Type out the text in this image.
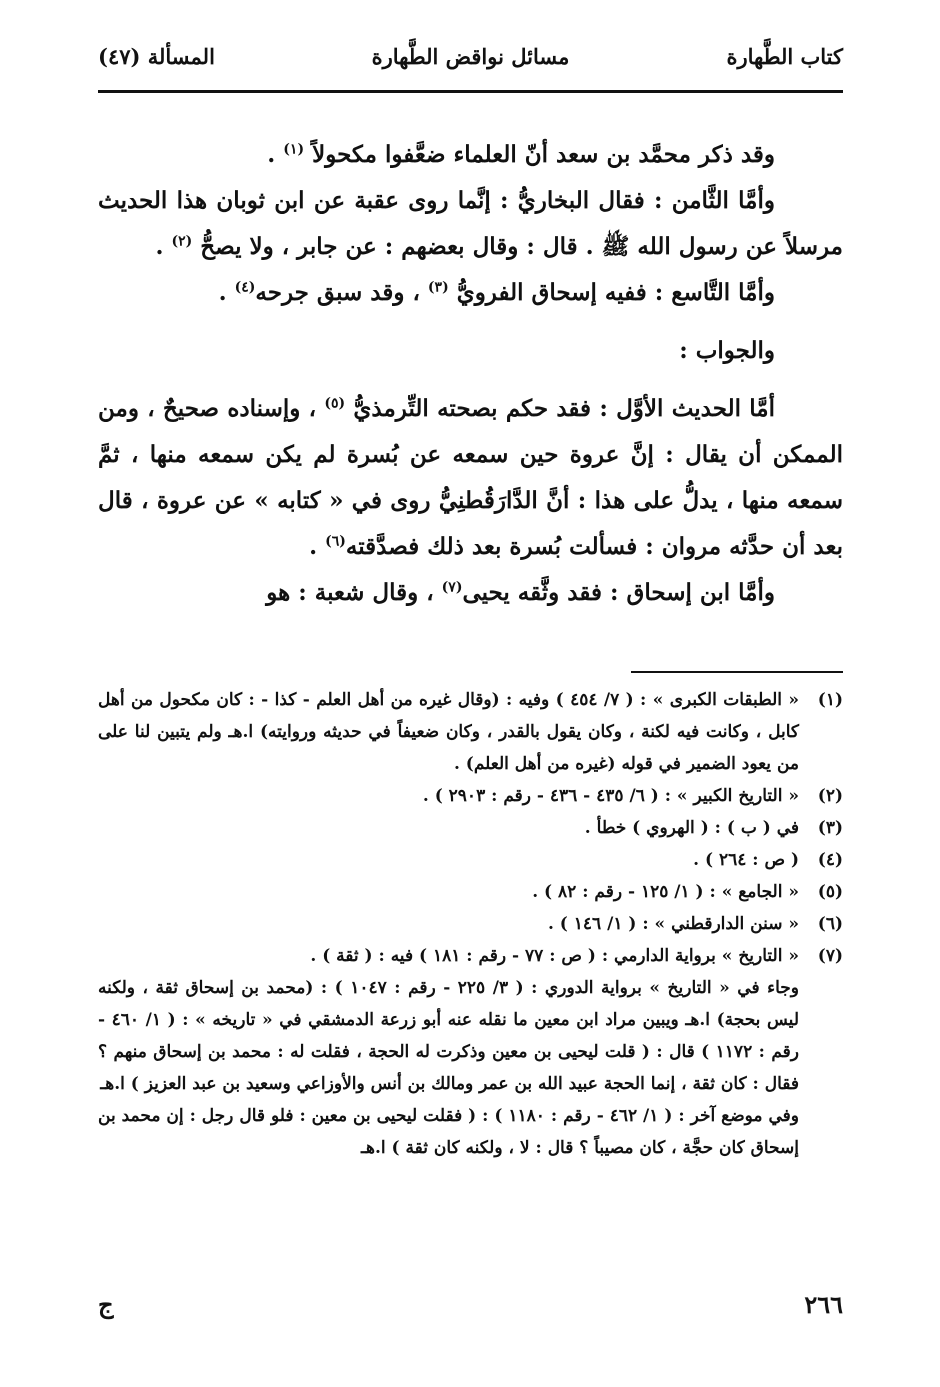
كتاب الطَّهارة
مسائل نواقض الطَّهارة
المسألة (٤٧)

وقد ذكر محمَّد بن سعد أنّ العلماء ضعَّفوا مكحولاً $^{(١)}$ .

وأمَّا الثَّامن : فقال البخاريُّ : إنَّما روى عقبة عن ابن ثوبان هذا الحديث مرسلاً عن رسول الله ﷺ . قال : وقال بعضهم : عن جابر ، ولا يصحُّ $^{(٢)}$ .

وأمَّا التَّاسع : ففيه إسحاق الفرويُّ $^{(٣)}$ ، وقد سبق جرحه$^{(٤)}$ .

والجواب :

أمَّا الحديث الأوَّل : فقد حكم بصحته التِّرمذيُّ $^{(٥)}$ ، وإسناده صحيحٌ ، ومن الممكن أن يقال : إنَّ عروة حين سمعه عن بُسرة لم يكن سمعه منها ، ثمَّ سمعه منها ، يدلُّ على هذا : أنَّ الدَّارَقُطنِيُّ روى في « كتابه » عن عروة ، قال بعد أن حدَّثه مروان : فسألت بُسرة بعد ذلك فصدَّقته$^{(٦)}$ .

وأمَّا ابن إسحاق : فقد وثَّقه يحيى$^{(٧)}$ ، وقال شعبة : هو

(١)
« الطبقات الكبرى » : ( ٧/ ٤٥٤ ) وفيه : (وقال غيره من أهل العلم - كذا - : كان مكحول من أهل كابل ، وكانت فيه لكنة ، وكان يقول بالقدر ، وكان ضعيفاً في حديثه وروايته) ا.هـ ولم يتبين لنا على من يعود الضمير في قوله (غيره من أهل العلم) .
(٢)
« التاريخ الكبير » : ( ٦/ ٤٣٥ - ٤٣٦ - رقم : ٢٩٠٣ ) .
(٣)
في ( ب ) : ( الهروي ) خطأ .
(٤)
( ص : ٢٦٤ ) .
(٥)
« الجامع » : ( ١/ ١٢٥ - رقم : ٨٢ ) .
(٦)
« سنن الدارقطني » : ( ١/ ١٤٦ ) .
(٧)
« التاريخ » برواية الدارمي : ( ص : ٧٧ - رقم : ١٨١ ) فيه : ( ثقة ) .
وجاء في « التاريخ » برواية الدوري : ( ٣/ ٢٢٥ - رقم : ١٠٤٧ ) : (محمد بن إسحاق ثقة ، ولكنه ليس بحجة) ا.هـ ويبين مراد ابن معين ما نقله عنه أبو زرعة الدمشقي في « تاريخه » : ( ١/ ٤٦٠ - رقم : ١١٧٢ ) قال : ( قلت ليحيى بن معين وذكرت له الحجة ، فقلت له : محمد بن إسحاق منهم ؟ فقال : كان ثقة ، إنما الحجة عبيد الله بن عمر ومالك بن أنس والأوزاعي وسعيد بن عبد العزيز ) ا.هـ
وفي موضع آخر : ( ١/ ٤٦٢ - رقم : ١١٨٠ ) : ( فقلت ليحيى بن معين : فلو قال رجل : إن محمد بن إسحاق كان حجَّة ، كان مصيباً ؟ قال : لا ، ولكنه كان ثقة ) ا.هـ
٢٦٦
ج
